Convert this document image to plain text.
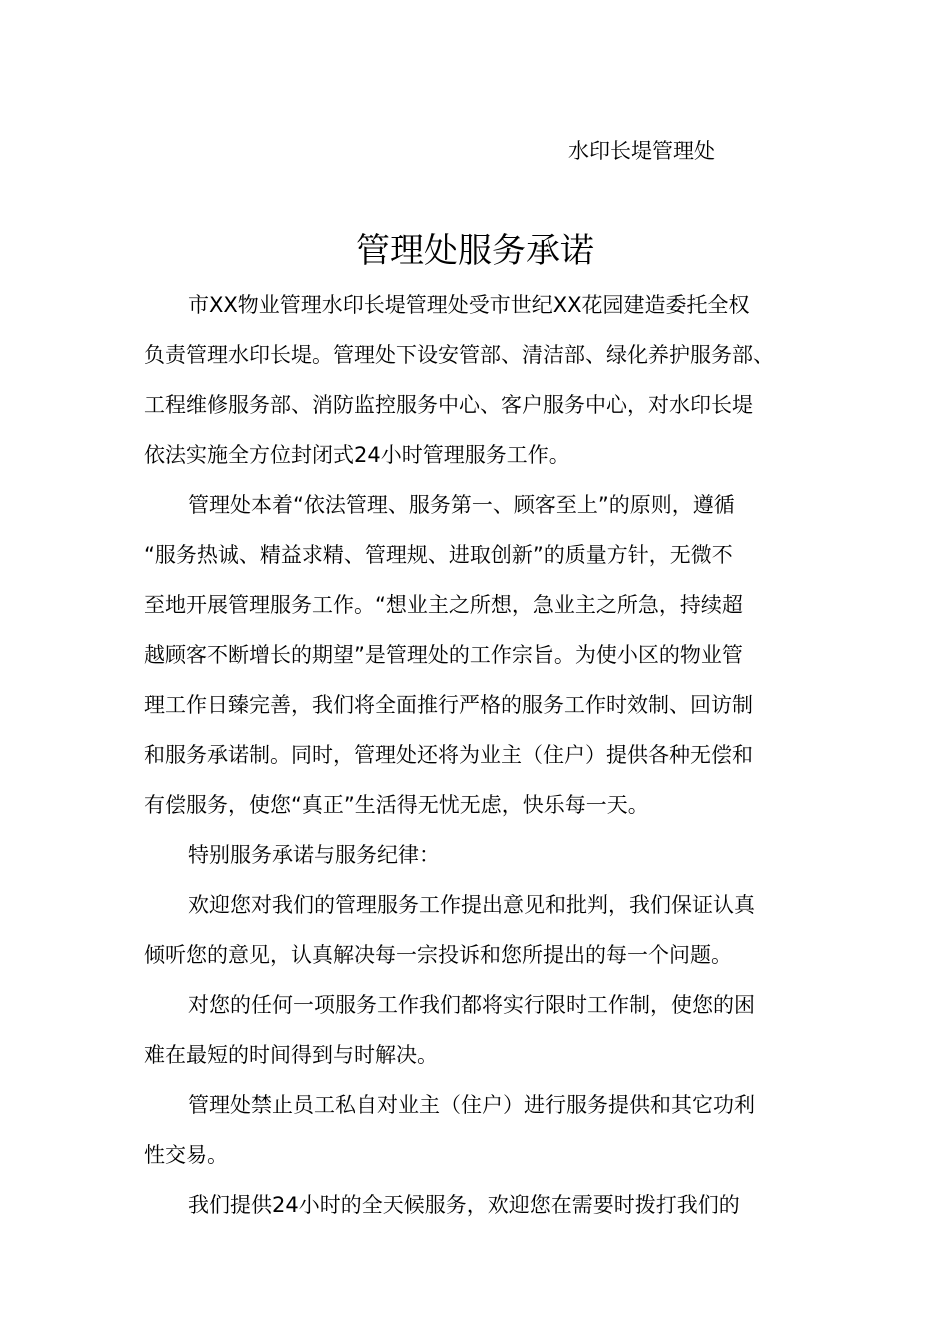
水印长堤管理处
管理处服务承诺
市XX物业管理水印长堤管理处受市世纪XX花园建造委托全权
负责管理水印长堤。管理处下设安管部、清洁部、绿化养护服务部、
工程维修服务部、消防监控服务中心、客户服务中心，对水印长堤
依法实施全方位封闭式24小时管理服务工作。
管理处本着“依法管理、服务第一、顾客至上”的原则，遵循
“服务热诚、精益求精、管理规、进取创新”的质量方针，无微不
至地开展管理服务工作。“想业主之所想，急业主之所急，持续超
越顾客不断增长的期望”是管理处的工作宗旨。为使小区的物业管
理工作日臻完善，我们将全面推行严格的服务工作时效制、回访制
和服务承诺制。同时，管理处还将为业主（住户）提供各种无偿和
有偿服务，使您“真正”生活得无忧无虑，快乐每一天。
特别服务承诺与服务纪律：
欢迎您对我们的管理服务工作提出意见和批判，我们保证认真
倾听您的意见，认真解决每一宗投诉和您所提出的每一个问题。
对您的任何一项服务工作我们都将实行限时工作制，使您的困
难在最短的时间得到与时解决。
管理处禁止员工私自对业主（住户）进行服务提供和其它功利
性交易。
我们提供24小时的全天候服务，欢迎您在需要时拨打我们的
